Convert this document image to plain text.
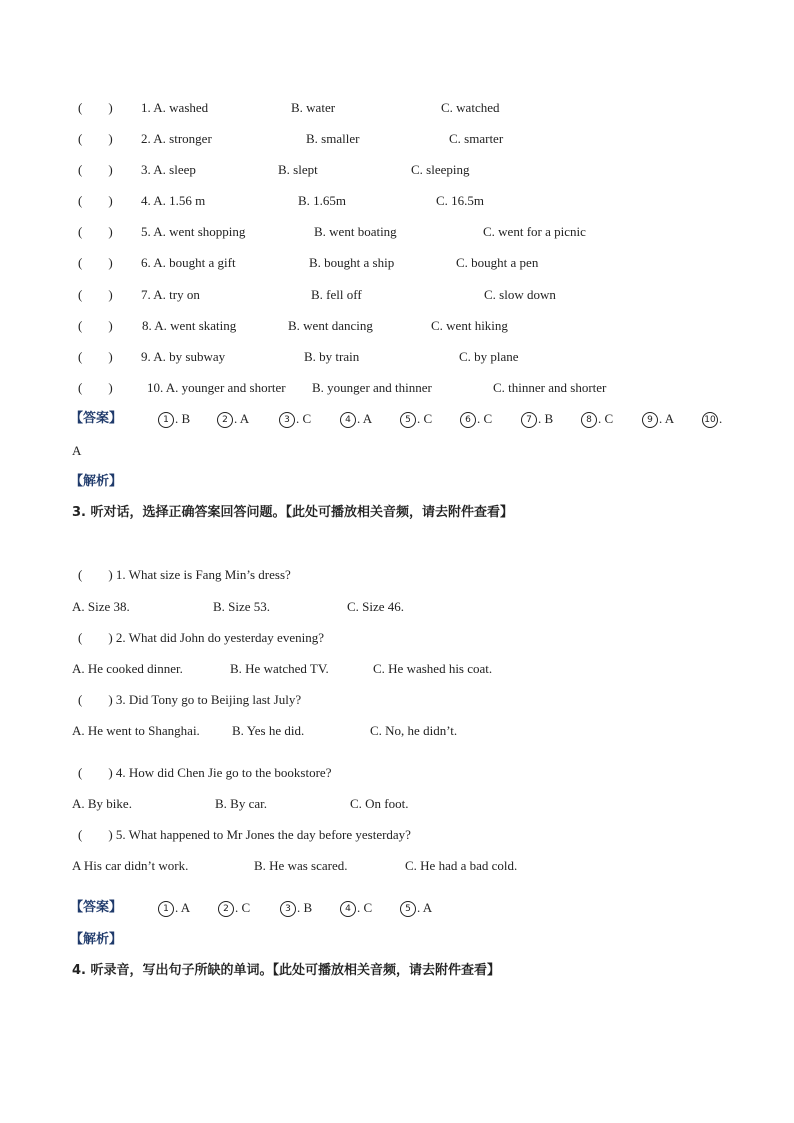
(　　) 1. A. washed	B. water	C. watched
(　　) 2. A. stronger	B. smaller	C. smarter
(　　) 3. A. sleep	B. slept	C. sleeping
(　　) 4. A. 1.56 m	B. 1.65m	C. 16.5m
(　　) 5. A. went shopping	B. went boating	C. went for a picnic
(　　) 6. A. bought a gift	B. bought a ship	C. bought a pen
(　　) 7. A. try on	B. fell off	C. slow down
(　　) 8. A. went skating	B. went dancing	C. went hiking
(　　) 9. A. by subway	B. by train	C. by plane
(　　)	10. A. younger and shorter B. younger and thinner	C. thinner and shorter
【答案】	1 . B	2 . A	3 . C	4 . A	5 . C	6 . C	7 . B	8 . C	9 . A	10 .
A
【解析】
3. 听对话，选择正确答案回答问题。【此处可播放相关音频，请去附件查看】
(　　) 1. What size is Fang Min’s dress?
A. Size 38.	B. Size 53.	C. Size 46.
(　　) 2. What did John do yesterday evening?
A. He cooked dinner.	B. He watched TV.	C. He washed his coat.
(　　) 3. Did Tony go to Beijing last July?
A. He went to Shanghai. B. Yes he did.	C. No, he didn’t.
(　　) 4. How did Chen Jie go to the bookstore?
A. By bike.	B. By car.	C. On foot.
(　　) 5. What happened to Mr Jones the day before yesterday?
A His car didn’t work.	B. He was scared.	C. He had a bad cold.
【答案】	1 . A	2 . C	3 . B	4 . C	5 . A
【解析】
4. 听录音，写出句子所缺的单词。【此处可播放相关音频，请去附件查看】
